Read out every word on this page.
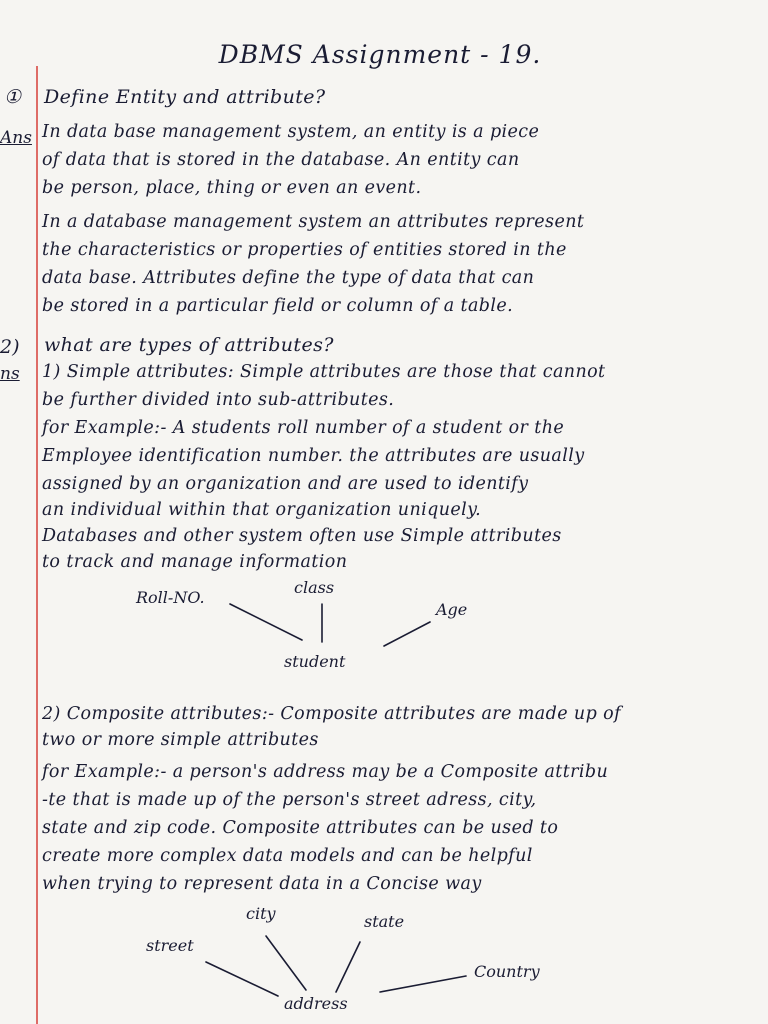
DBMS Assignment - 19.
① Define Entity and attribute?
Ans In data base management system, an entity is a piece
of data that is stored in the database. An entity can
be person, place, thing or even an event.
In a database management system an attributes represent
the characteristics or properties of entities stored in the
data base. Attributes define the type of data that can
be stored in a particular field or column of a table.
2) what are types of attributes?
ns 1) Simple attributes: Simple attributes are those that cannot
be further divided into sub-attributes.
for Example:- A students roll number of a student or the
Employee identification number. the attributes are usually
assigned by an organization and are used to identify
an individual within that organization uniquely.
Databases and other system often use Simple attributes
to track and manage information
Roll-NO.
class
Age
student
2) Composite attributes:- Composite attributes are made up of
two or more simple attributes
for Example:- a person's address may be a Composite attribu
-te that is made up of the person's street adress, city,
state and zip code. Composite attributes can be used to
create more complex data models and can be helpful
when trying to represent data in a Concise way
street
city	state
Country
address
